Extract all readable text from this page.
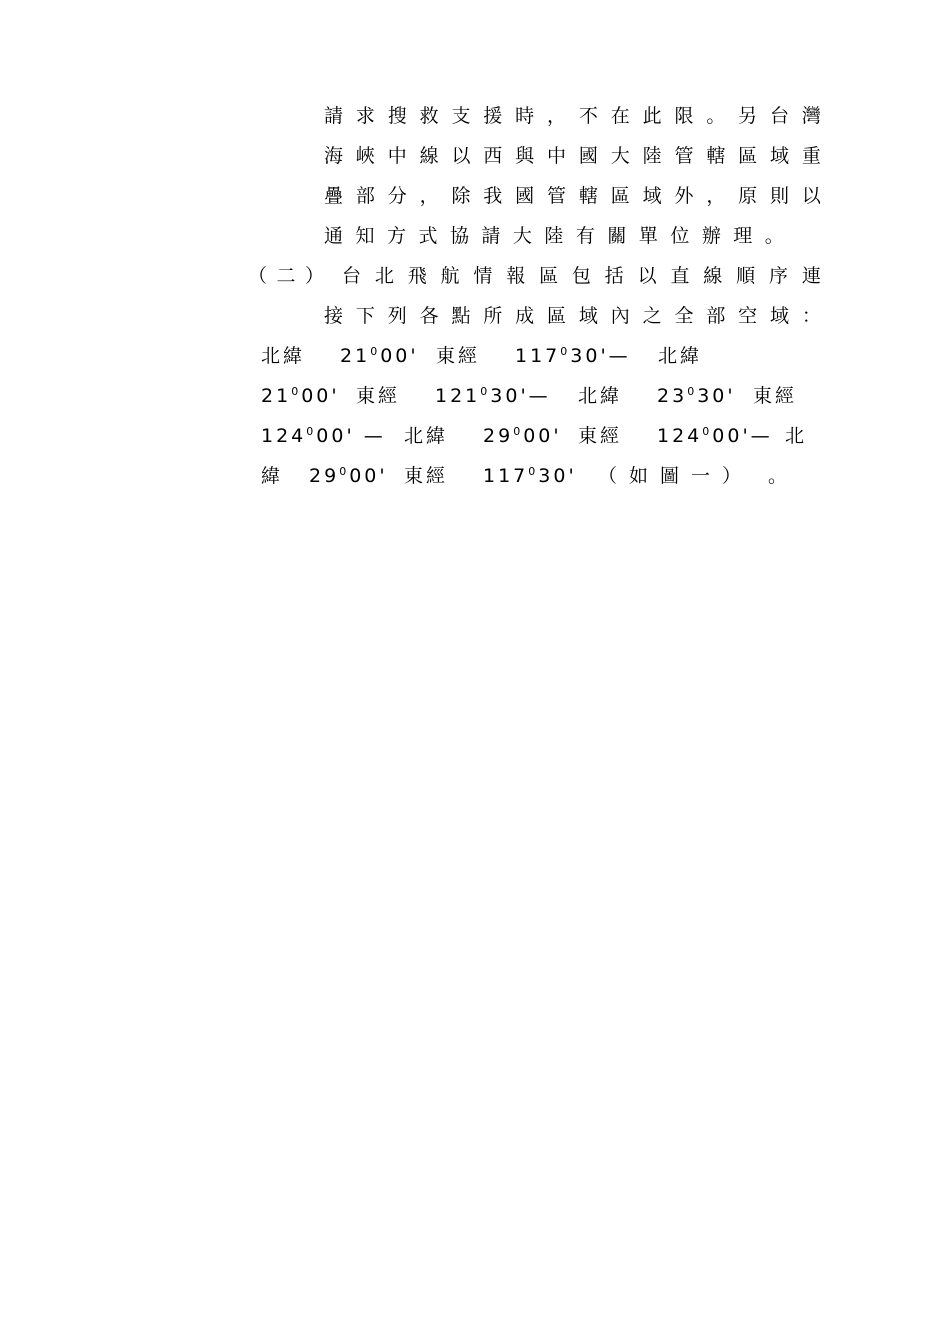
請 求 搜 救 支 援 時 ， 不 在 此 限 。 另 台 灣
海 峽 中 線 以 西 與 中 國 大 陸 管 轄 區 域 重
疊 部 分 ， 除 我 國 管 轄 區 域 外 ， 原 則 以
通 知 方 式 協 請 大 陸 有 關 單 位 辦 理 。
（ 二 ） 台 北 飛 航 情 報 區 包 括 以 直 線 順 序 連
接 下 列 各 點 所 成 區 域 內 之 全 部 空 域 ：

北緯

$21^000'$

東經

$117^030'—$

北緯

$21^000'$

東經

$121^030'—$

北緯

$23^030'$

東經

$124^000'$ —

北緯

$29^000'$

東經

$124^000'—$

北

緯

$29^000'$

東經

$117^030'$

（如圖一）

。
